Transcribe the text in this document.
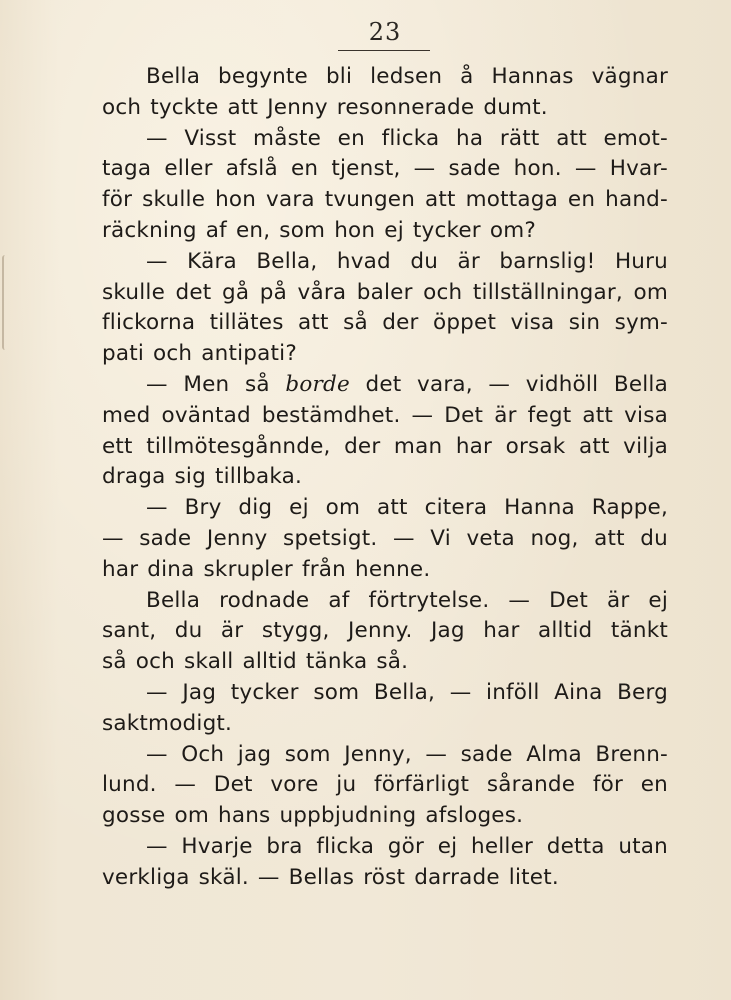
23
Bella begynte bli ledsen å Hannas vägnar
och tyckte att Jenny resonnerade dumt.
— Visst måste en flicka ha rätt att emot-
taga eller afslå en tjenst, — sade hon. — Hvar-
för skulle hon vara tvungen att mottaga en hand-
räckning af en, som hon ej tycker om?
— Kära Bella, hvad du är barnslig! Huru
skulle det gå på våra baler och tillställningar, om
flickorna tillätes att så der öppet visa sin sym-
pati och antipati?
— Men så borde det vara, — vidhöll Bella
med oväntad bestämdhet. — Det är fegt att visa
ett tillmötesgånnde, der man har orsak att vilja
draga sig tillbaka.
— Bry dig ej om att citera Hanna Rappe,
— sade Jenny spetsigt. — Vi veta nog, att du
har dina skrupler från henne.
Bella rodnade af förtrytelse. — Det är ej
sant, du är stygg, Jenny. Jag har alltid tänkt
så och skall alltid tänka så.
— Jag tycker som Bella, — inföll Aina Berg
saktmodigt.
— Och jag som Jenny, — sade Alma Brenn-
lund. — Det vore ju förfärligt sårande för en
gosse om hans uppbjudning afsloges.
— Hvarje bra flicka gör ej heller detta utan
verkliga skäl. — Bellas röst darrade litet.
